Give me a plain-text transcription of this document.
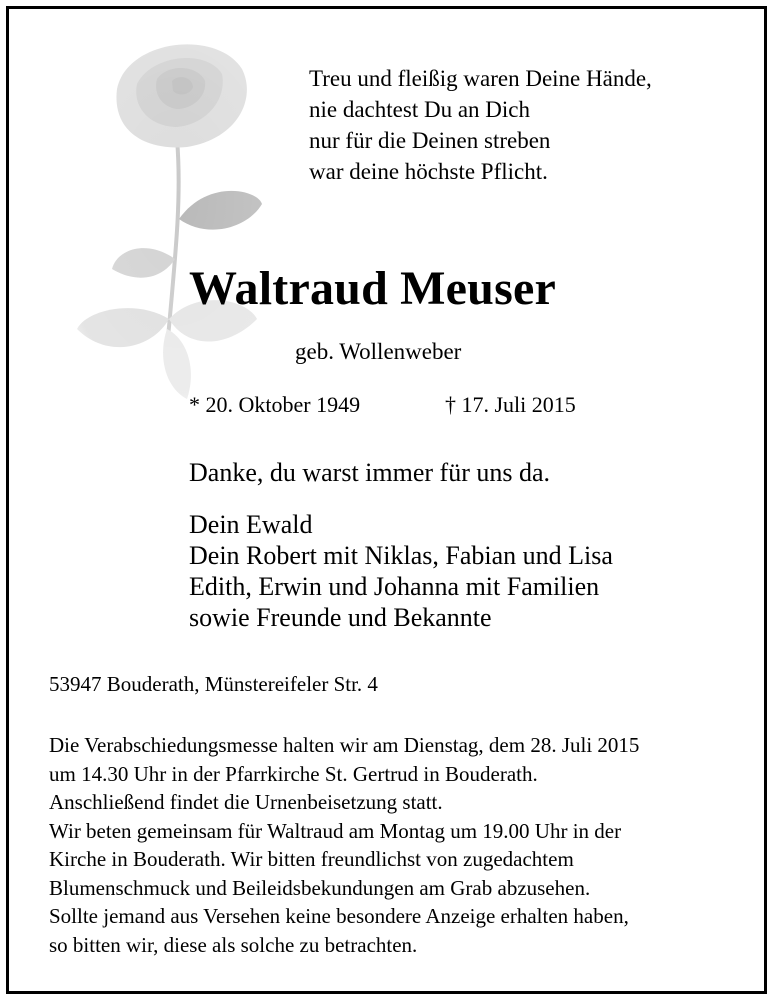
Treu und fleißig waren Deine Hände,
nie dachtest Du an Dich
nur für die Deinen streben
war deine höchste Pflicht.
Waltraud Meuser
geb. Wollenweber
* 20. Oktober 1949	† 17. Juli 2015
Danke, du warst immer für uns da.
Dein Ewald
Dein Robert mit Niklas, Fabian und Lisa
Edith, Erwin und Johanna mit Familien
sowie Freunde und Bekannte
53947 Bouderath, Münstereifeler Str. 4
Die Verabschiedungsmesse halten wir am Dienstag, dem 28. Juli 2015
um 14.30 Uhr in der Pfarrkirche St. Gertrud in Bouderath.
Anschließend findet die Urnenbeisetzung statt.
Wir beten gemeinsam für Waltraud am Montag um 19.00 Uhr in der
Kirche in Bouderath. Wir bitten freundlichst von zugedachtem
Blumenschmuck und Beileidsbekundungen am Grab abzusehen.
Sollte jemand aus Versehen keine besondere Anzeige erhalten haben,
so bitten wir, diese als solche zu betrachten.
